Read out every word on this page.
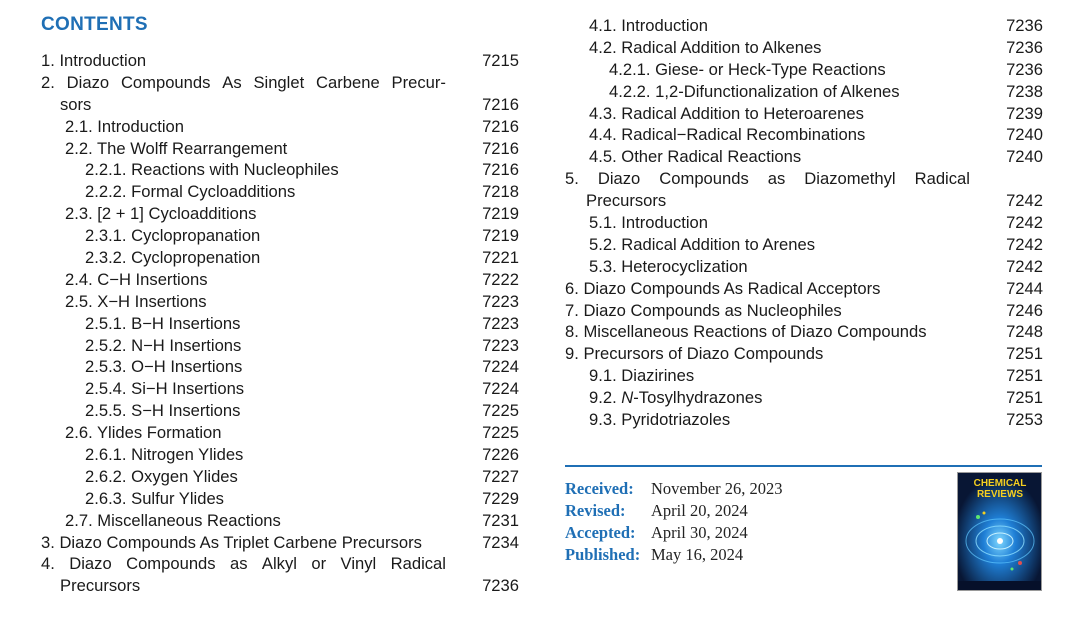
CONTENTS
1. Introduction	7215
2. Diazo Compounds As Singlet Carbene Precur-
sors	7216
2.1. Introduction	7216
2.2. The Wolff Rearrangement	7216
2.2.1. Reactions with Nucleophiles	7216
2.2.2. Formal Cycloadditions	7218
2.3. [2 + 1] Cycloadditions	7219
2.3.1. Cyclopropanation	7219
2.3.2. Cyclopropenation	7221
2.4. C−H Insertions	7222
2.5. X−H Insertions	7223
2.5.1. B−H Insertions	7223
2.5.2. N−H Insertions	7223
2.5.3. O−H Insertions	7224
2.5.4. Si−H Insertions	7224
2.5.5. S−H Insertions	7225
2.6. Ylides Formation	7225
2.6.1. Nitrogen Ylides	7226
2.6.2. Oxygen Ylides	7227
2.6.3. Sulfur Ylides	7229
2.7. Miscellaneous Reactions	7231
3. Diazo Compounds As Triplet Carbene Precursors	7234
4. Diazo Compounds as Alkyl or Vinyl Radical
Precursors	7236
4.1. Introduction	7236
4.2. Radical Addition to Alkenes	7236
4.2.1. Giese- or Heck-Type Reactions	7236
4.2.2. 1,2-Difunctionalization of Alkenes	7238
4.3. Radical Addition to Heteroarenes	7239
4.4. Radical−Radical Recombinations	7240
4.5. Other Radical Reactions	7240
5. Diazo Compounds as Diazomethyl Radical
Precursors	7242
5.1. Introduction	7242
5.2. Radical Addition to Arenes	7242
5.3. Heterocyclization	7242
6. Diazo Compounds As Radical Acceptors	7244
7. Diazo Compounds as Nucleophiles	7246
8. Miscellaneous Reactions of Diazo Compounds	7248
9. Precursors of Diazo Compounds	7251
9.1. Diazirines	7251
9.2. N-Tosylhydrazones	7251
9.3. Pyridotriazoles	7253
Received: November 26, 2023
Revised: April 20, 2024
Accepted: April 30, 2024
Published: May 16, 2024
CHEMICAL
REVIEWS
